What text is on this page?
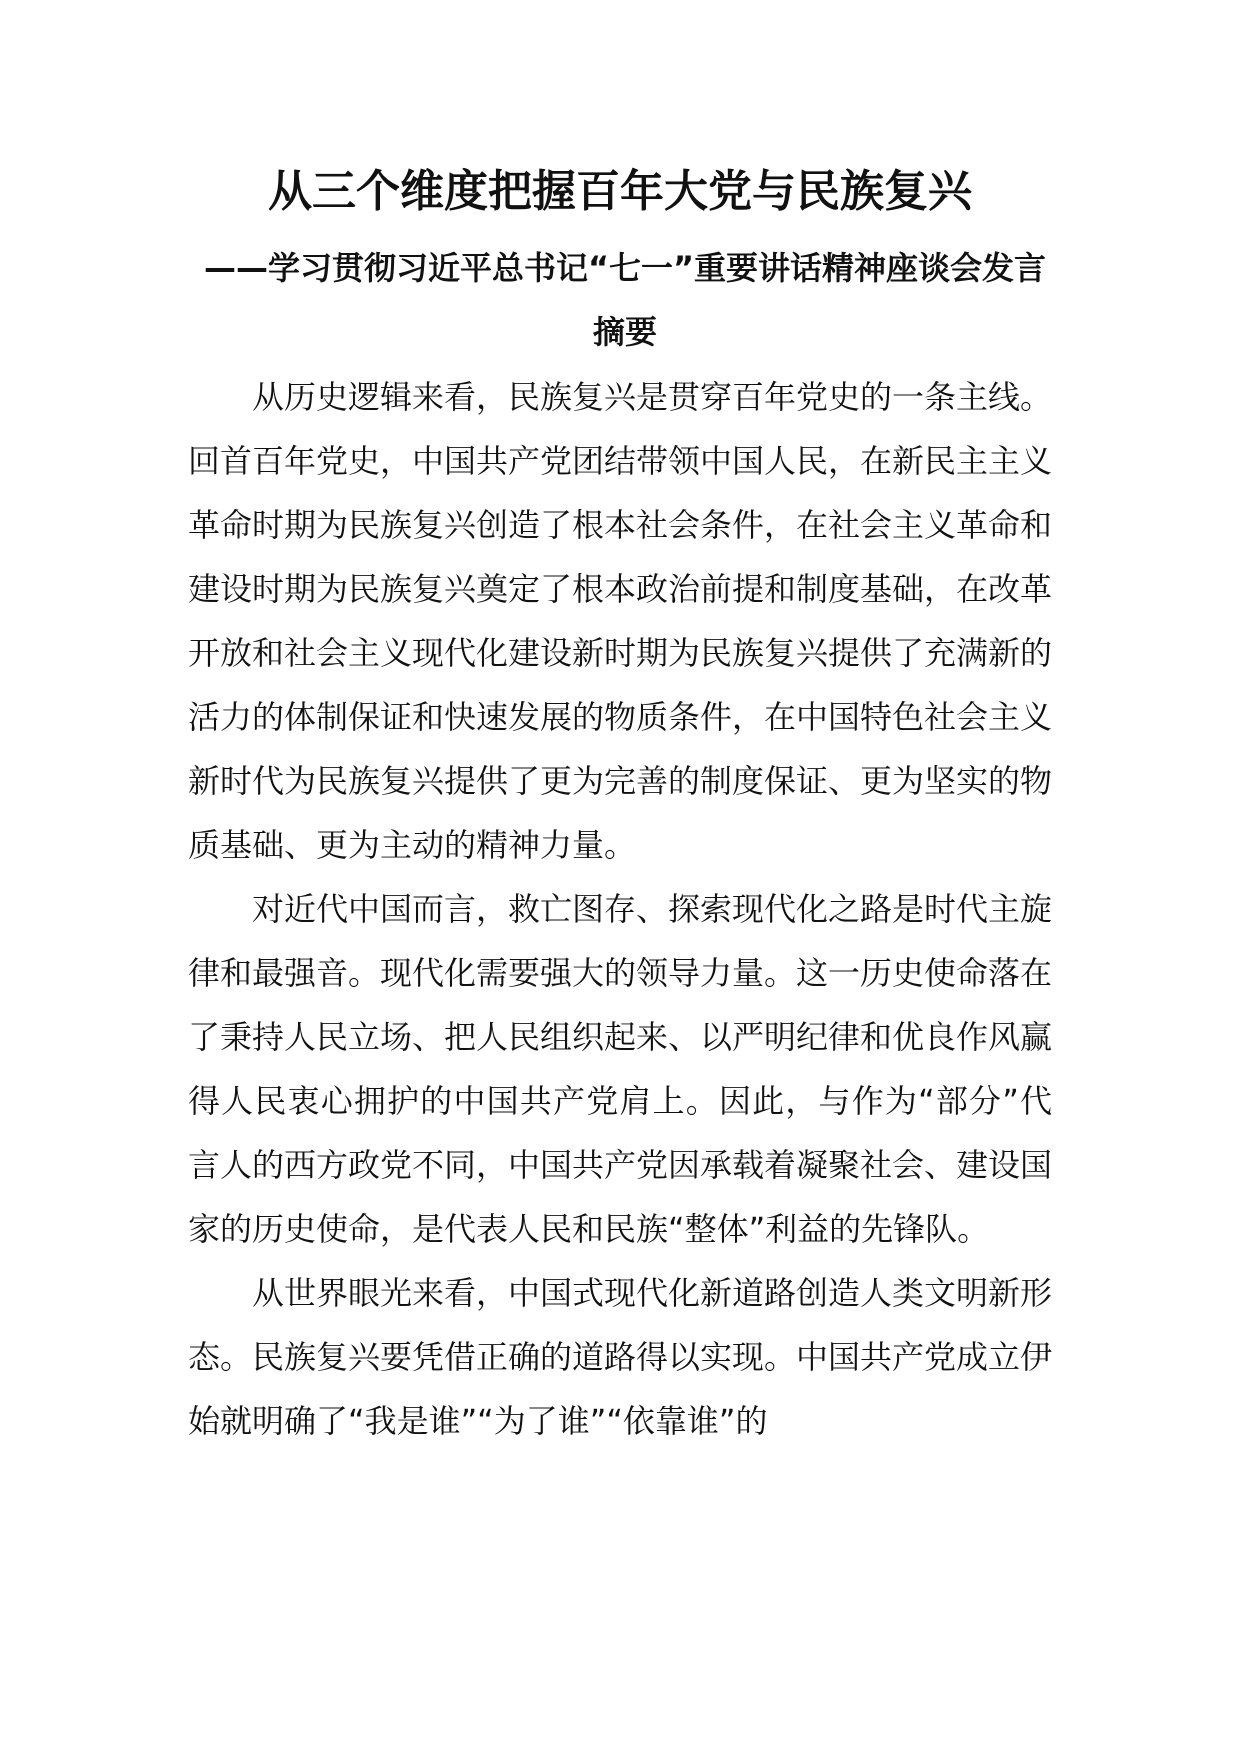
从三个维度把握百年大党与民族复兴
——学习贯彻习近平总书记“七一”重要讲话精神座谈会发言摘要

从历史逻辑来看，民族复兴是贯穿百年党史的一条主线。回首百年党史，中国共产党团结带领中国人民，在新民主主义革命时期为民族复兴创造了根本社会条件，在社会主义革命和建设时期为民族复兴奠定了根本政治前提和制度基础，在改革开放和社会主义现代化建设新时期为民族复兴提供了充满新的活力的体制保证和快速发展的物质条件，在中国特色社会主义新时代为民族复兴提供了更为完善的制度保证、更为坚实的物质基础、更为主动的精神力量。

对近代中国而言，救亡图存、探索现代化之路是时代主旋律和最强音。现代化需要强大的领导力量。这一历史使命落在了秉持人民立场、把人民组织起来、以严明纪律和优良作风赢得人民衷心拥护的中国共产党肩上。因此，与作为“部分”代言人的西方政党不同，中国共产党因承载着凝聚社会、建设国家的历史使命，是代表人民和民族“整体”利益的先锋队。

从世界眼光来看，中国式现代化新道路创造人类文明新形态。民族复兴要凭借正确的道路得以实现。中国共产党成立伊始就明确了“我是谁”“为了谁”“依靠谁”的
